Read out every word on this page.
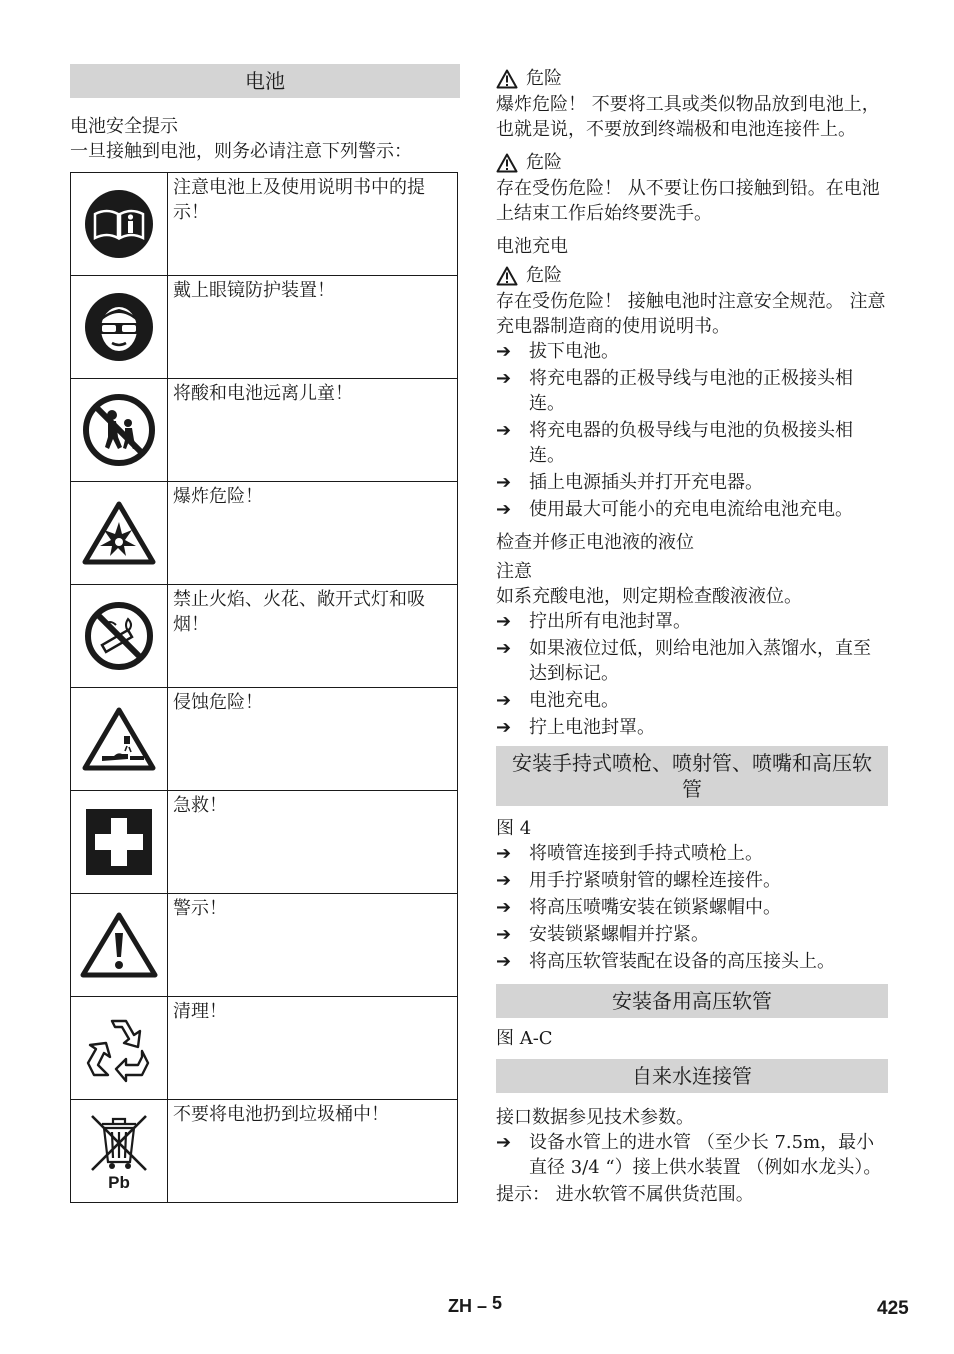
电池

电池安全提示

一旦接触到电池，则务必请注意下列警示：

	注意电池上及使用说明书中的提示！

	戴上眼镜防护装置！

	将酸和电池远离儿童！

	爆炸危险！

	禁止火焰、火花、敞开式灯和吸烟！

	侵蚀危险！

	急救！

	警示！

	清理！

Pb	不要将电池扔到垃圾桶中！
危险

爆炸危险！ 不要将工具或类似物品放到电池上，也就是说，不要放到终端极和电池连接件上。

危险

存在受伤危险！ 从不要让伤口接触到铅。在电池上结束工作后始终要洗手。

电池充电

危险

存在受伤危险！ 接触电池时注意安全规范。 注意充电器制造商的使用说明书。

➔ 拔下电池。
➔ 将充电器的正极导线与电池的正极接头相连。
➔ 将充电器的负极导线与电池的负极接头相连。
➔ 插上电源插头并打开充电器。
➔ 使用最大可能小的充电电流给电池充电。

检查并修正电池液的液位

注意

如系充酸电池，则定期检查酸液液位。

➔ 拧出所有电池封罩。
➔ 如果液位过低，则给电池加入蒸馏水，直至达到标记。
➔ 电池充电。
➔ 拧上电池封罩。
安装手持式喷枪、喷射管、喷嘴和高压软管

图 4

➔ 将喷管连接到手持式喷枪上。
➔ 用手拧紧喷射管的螺栓连接件。
➔ 将高压喷嘴安装在锁紧螺帽中。
➔ 安装锁紧螺帽并拧紧。
➔ 将高压软管装配在设备的高压接头上。
安装备用高压软管

图 A-C

自来水连接管

接口数据参见技术参数。

➔ 设备水管上的进水管 （至少长 7.5m，最小直径 3/4 “）接上供水装置 （例如水龙头）。

提示： 进水软管不属供货范围。

ZH – 5	425
